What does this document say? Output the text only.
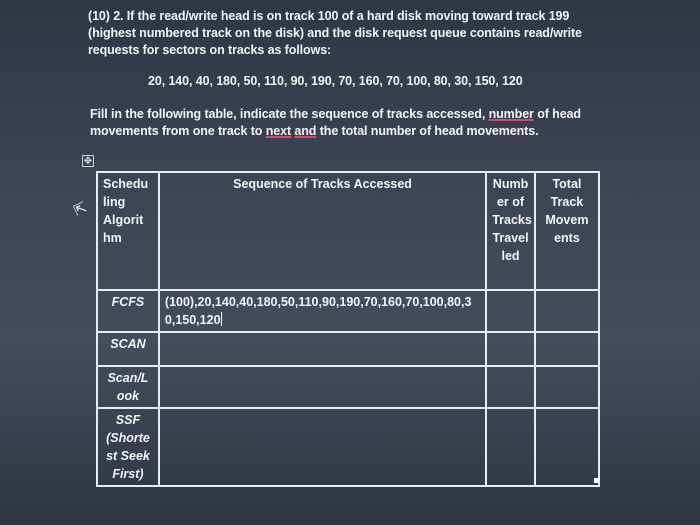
(10) 2. If the read/write head is on track 100 of a hard disk moving toward track 199

(highest numbered track on the disk) and the disk request queue contains read/write

requests for sectors on tracks as follows:

20, 140, 40, 180, 50, 110, 90, 190, 70, 160, 70, 100, 80, 30, 150, 120

Fill in the following table, indicate the sequence of tracks accessed, number of head movements from one track to next and the total number of head movements.

✥
⇱
Schedu ling Algorit hm	Sequence of Tracks Accessed	Numb er of Tracks Travel led	Total Track Movem ents
FCFS	(100),20,140,40,180,50,110,90,190,70,160,70,100,80,30,150,120		
SCAN			
Scan/L ook			
SSF (Shorte st Seek First)			
